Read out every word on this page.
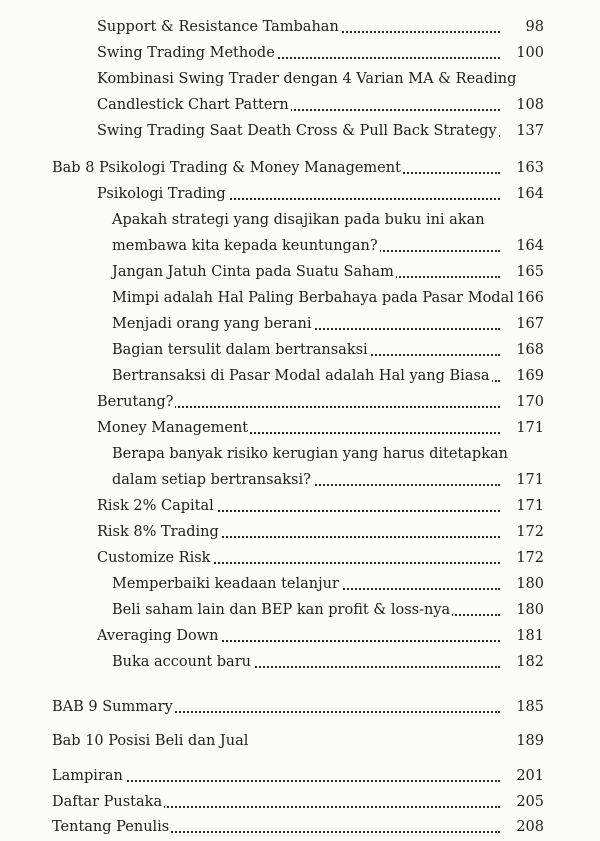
Support & Resistance Tambahan	98
Swing Trading Methode	100
Kombinasi Swing Trader dengan 4 Varian MA & Reading
Candlestick Chart Pattern	108
Swing Trading Saat Death Cross & Pull Back Strategy 137
Bab 8 Psikologi Trading & Money Management	163
Psikologi Trading	164
Apakah strategi yang disajikan pada buku ini akan
membawa kita kepada keuntungan?	164
Jangan Jatuh Cinta pada Suatu Saham	165
Mimpi adalah Hal Paling Berbahaya pada Pasar Modal 166
Menjadi orang yang berani	167
Bagian tersulit dalam bertransaksi	168
Bertransaksi di Pasar Modal adalah Hal yang Biasa	169
Berutang?	170
Money Management	171
Berapa banyak risiko kerugian yang harus ditetapkan
dalam setiap bertransaksi?	171
Risk 2% Capital	171
Risk 8% Trading	172
Customize Risk	172
Memperbaiki keadaan telanjur	180
Beli saham lain dan BEP kan profit & loss-nya	180
Averaging Down	181
Buka account baru	182
BAB 9 Summary	185
Bab 10 Posisi Beli dan Jual	189
Lampiran	201
Daftar Pustaka	205
Tentang Penulis	208
